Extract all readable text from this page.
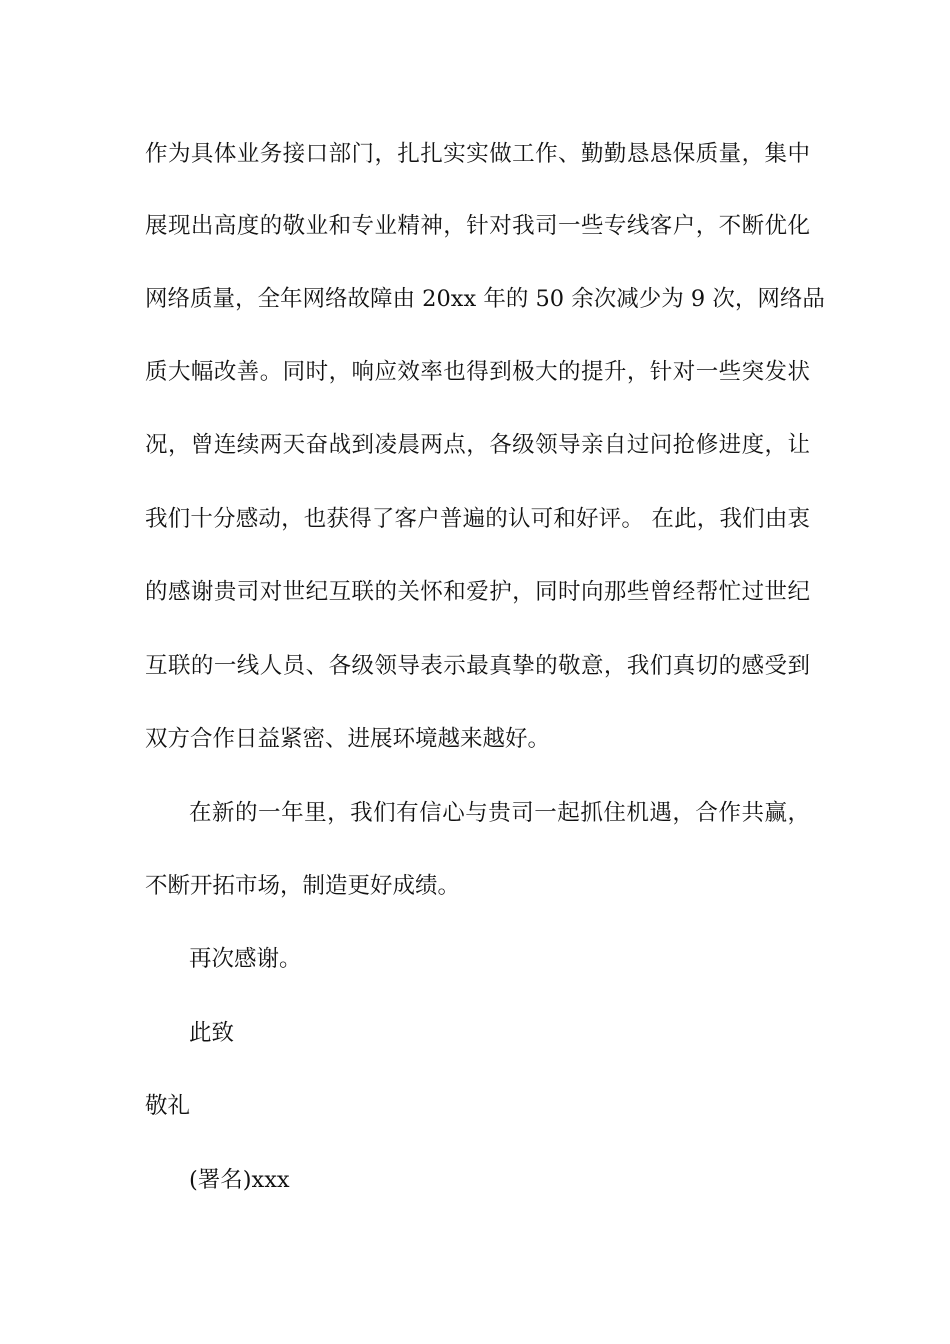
作为具体业务接口部门，扎扎实实做工作、勤勤恳恳保质量，集中
展现出高度的敬业和专业精神，针对我司一些专线客户，不断优化
网络质量，全年网络故障由 20xx 年的 50 余次减少为 9 次，网络品
质大幅改善。同时，响应效率也得到极大的提升，针对一些突发状
况，曾连续两天奋战到凌晨两点，各级领导亲自过问抢修进度，让
我们十分感动，也获得了客户普遍的认可和好评。 在此，我们由衷
的感谢贵司对世纪互联的关怀和爱护，同时向那些曾经帮忙过世纪
互联的一线人员、各级领导表示最真挚的敬意，我们真切的感受到
双方合作日益紧密、进展环境越来越好。
在新的一年里，我们有信心与贵司一起抓住机遇，合作共赢，
不断开拓市场，制造更好成绩。
再次感谢。
此致
敬礼
(署名)xxx
